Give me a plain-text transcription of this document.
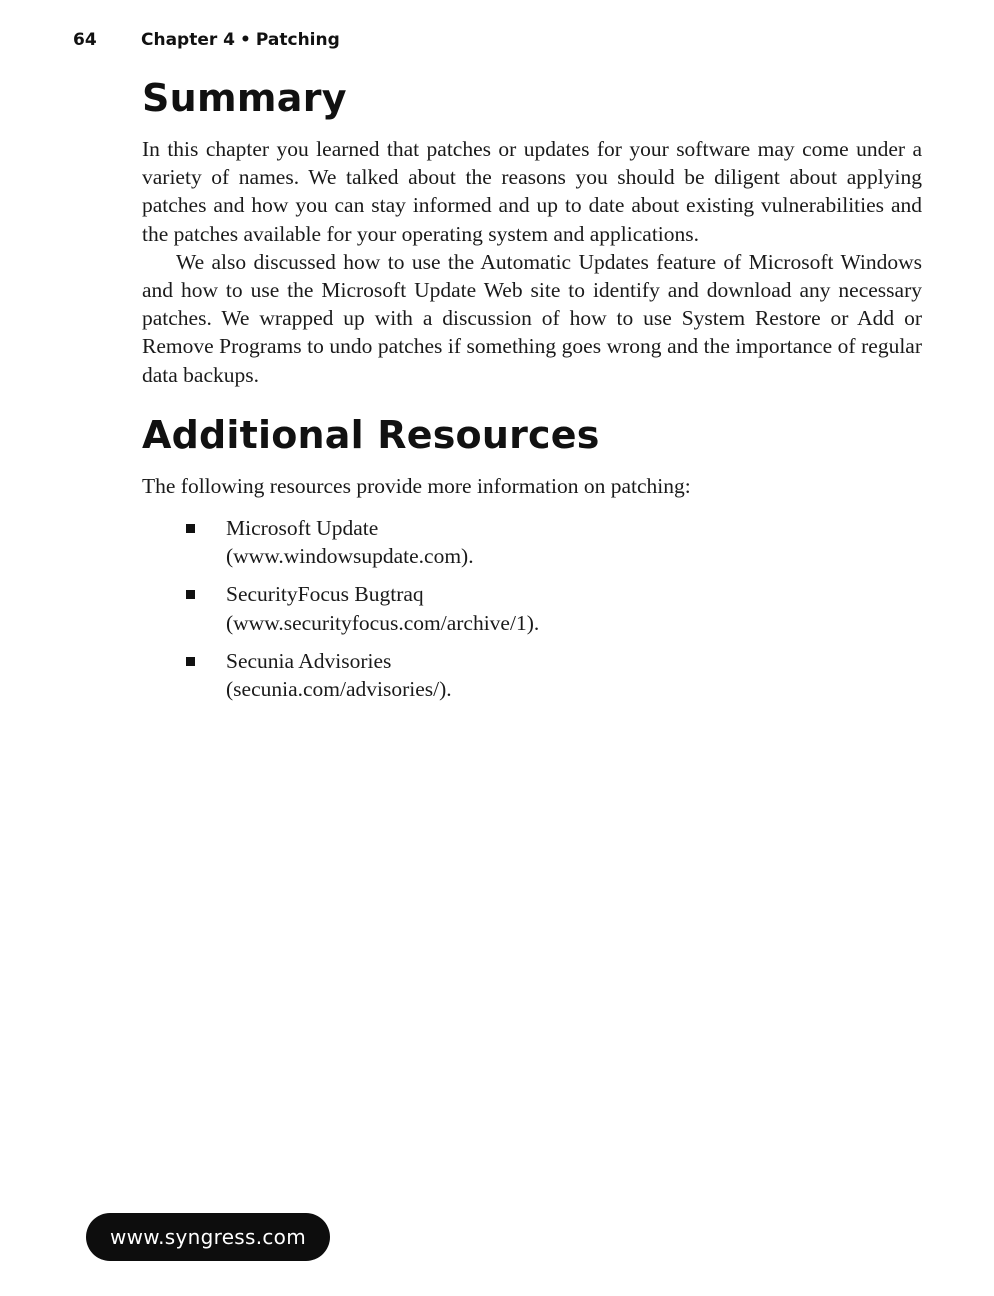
64	Chapter 4 • Patching
Summary

In this chapter you learned that patches or updates for your software may come under a variety of names. We talked about the reasons you should be diligent about applying patches and how you can stay informed and up to date about existing vulnerabilities and the patches available for your operating system and applications.

We also discussed how to use the Automatic Updates feature of Microsoft Windows and how to use the Microsoft Update Web site to identify and download any necessary patches. We wrapped up with a discussion of how to use System Restore or Add or Remove Programs to undo patches if something goes wrong and the importance of regular data backups.

Additional Resources

The following resources provide more information on patching:

Microsoft Update
(www.windowsupdate.com).
SecurityFocus Bugtraq
(www.securityfocus.com/archive/1).
Secunia Advisories
(secunia.com/advisories/).
www.syngress.com
